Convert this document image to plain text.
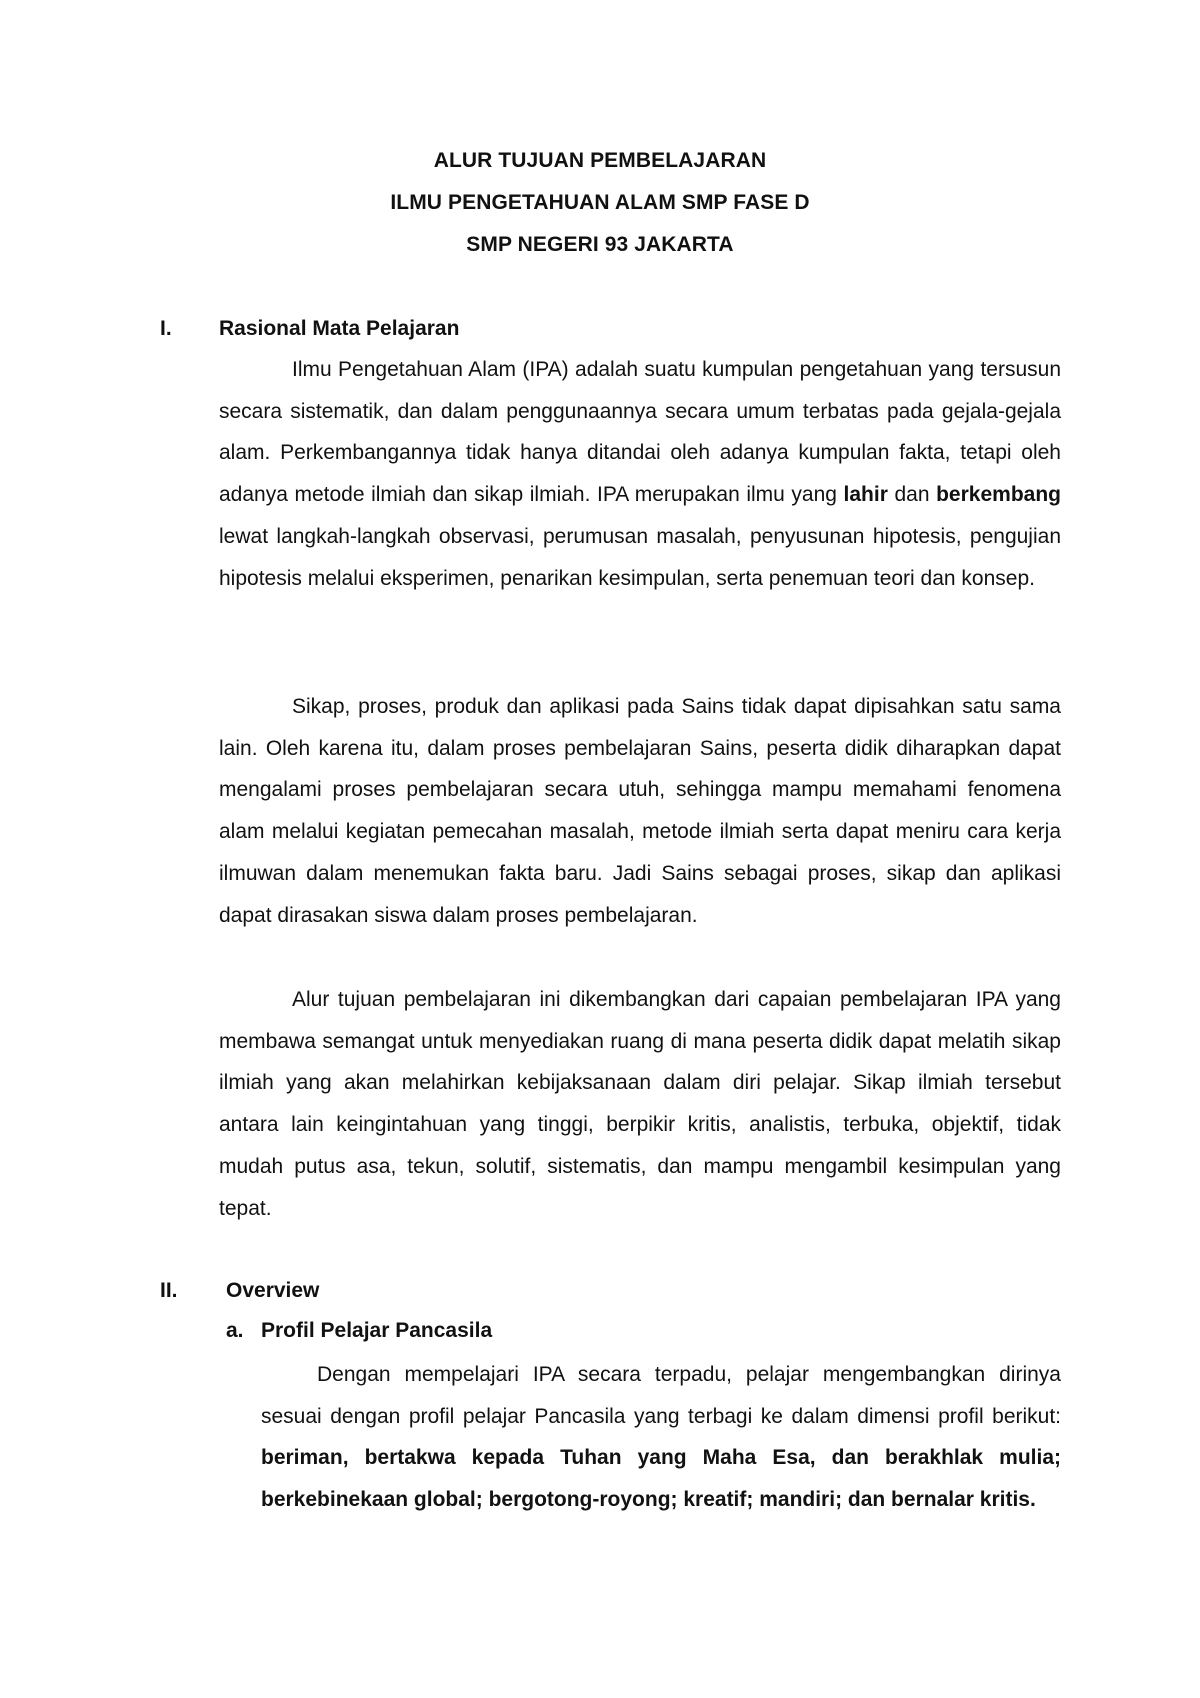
ALUR TUJUAN PEMBELAJARAN
ILMU PENGETAHUAN ALAM SMP FASE D
SMP NEGERI 93 JAKARTA
I. Rasional Mata Pelajaran
Ilmu Pengetahuan Alam (IPA) adalah suatu kumpulan pengetahuan yang tersusun secara sistematik, dan dalam penggunaannya secara umum terbatas pada gejala-gejala alam. Perkembangannya tidak hanya ditandai oleh adanya kumpulan fakta, tetapi oleh adanya metode ilmiah dan sikap ilmiah. IPA merupakan ilmu yang lahir dan berkembang lewat langkah-langkah observasi, perumusan masalah, penyusunan hipotesis, pengujian hipotesis melalui eksperimen, penarikan kesimpulan, serta penemuan teori dan konsep.
Sikap, proses, produk dan aplikasi pada Sains tidak dapat dipisahkan satu sama lain. Oleh karena itu, dalam proses pembelajaran Sains, peserta didik diharapkan dapat mengalami proses pembelajaran secara utuh, sehingga mampu memahami fenomena alam melalui kegiatan pemecahan masalah, metode ilmiah serta dapat meniru cara kerja ilmuwan dalam menemukan fakta baru. Jadi Sains sebagai proses, sikap dan aplikasi dapat dirasakan siswa dalam proses pembelajaran.
Alur tujuan pembelajaran ini dikembangkan dari capaian pembelajaran IPA yang membawa semangat untuk menyediakan ruang di mana peserta didik dapat melatih sikap ilmiah yang akan melahirkan kebijaksanaan dalam diri pelajar. Sikap ilmiah tersebut antara lain keingintahuan yang tinggi, berpikir kritis, analistis, terbuka, objektif, tidak mudah putus asa, tekun, solutif, sistematis, dan mampu mengambil kesimpulan yang tepat.
II. Overview
a. Profil Pelajar Pancasila
Dengan mempelajari IPA secara terpadu, pelajar mengembangkan dirinya sesuai dengan profil pelajar Pancasila yang terbagi ke dalam dimensi profil berikut: beriman, bertakwa kepada Tuhan yang Maha Esa, dan berakhlak mulia; berkebinekaan global; bergotong-royong; kreatif; mandiri; dan bernalar kritis.
